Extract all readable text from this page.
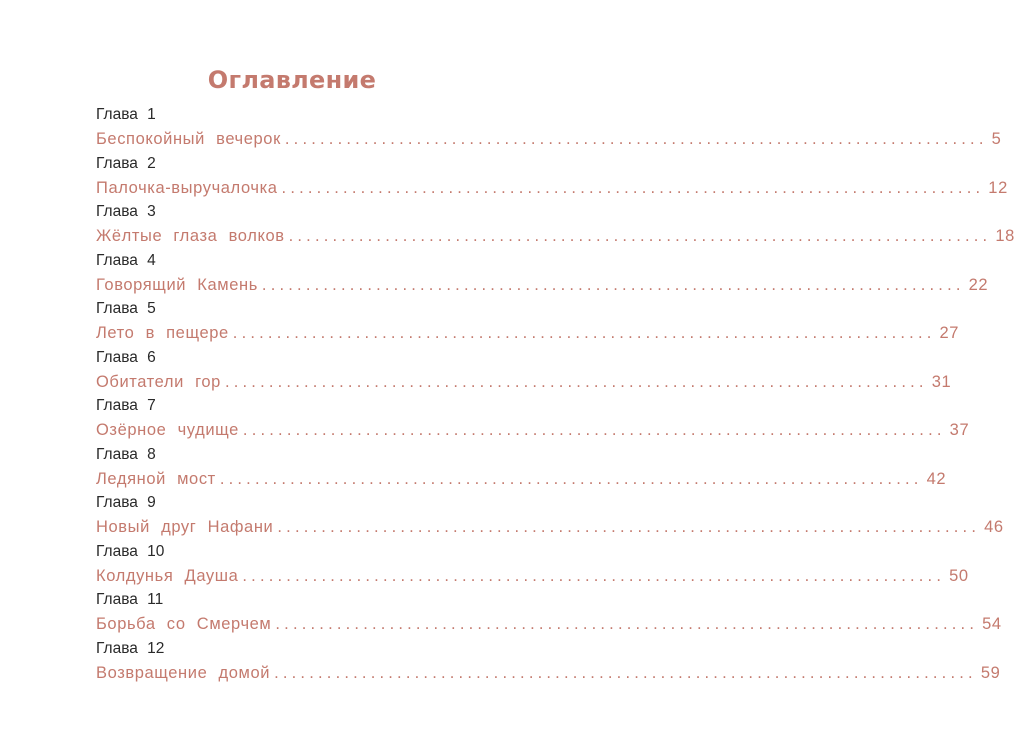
Оглавление
Глава 1
Беспокойный вечерок ................................................................................ 5
Глава 2
Палочка-выручалочка ................................................................................ 12
Глава 3
Жёлтые глаза волков ................................................................................ 18
Глава 4
Говорящий Камень ................................................................................ 22
Глава 5
Лето в пещере ................................................................................ 27
Глава 6
Обитатели гор ................................................................................ 31
Глава 7
Озёрное чудище ................................................................................ 37
Глава 8
Ледяной мост ................................................................................ 42
Глава 9
Новый друг Нафани ................................................................................ 46
Глава 10
Колдунья Дауша ................................................................................ 50
Глава 11
Борьба со Смерчем ................................................................................ 54
Глава 12
Возвращение домой ................................................................................ 59
